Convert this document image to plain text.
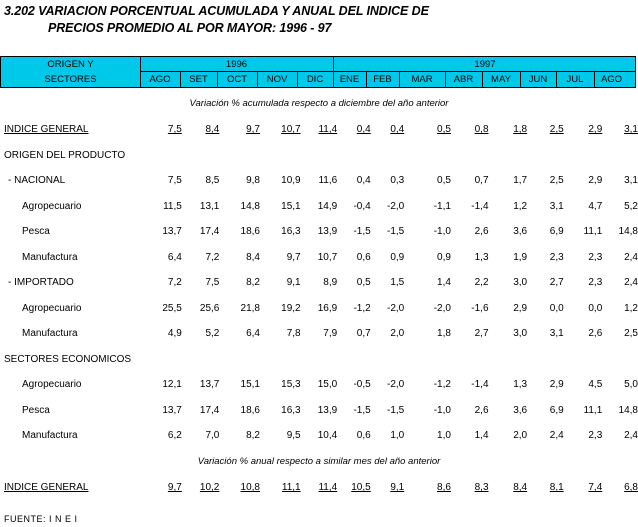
3.202 VARIACION PORCENTUAL ACUMULADA Y ANUAL DEL INDICE DE
PRECIOS PROMEDIO AL POR MAYOR: 1996 - 97
ORIGEN Y
SECTORES
1996	1997
AGO	SET	OCT	NOV	DIC	ENE	FEB	MAR	ABR	MAY	JUN	JUL	AGO
Variación % acumulada respecto a diciembre del año anterior													
INDICE GENERAL	7,5	8,4	9,7	10,7	11,4	0,4	0,4	0,5	0,8	1,8	2,5	2,9	3,1
ORIGEN DEL PRODUCTO													
- NACIONAL	7,5	8,5	9,8	10,9	11,6	0,4	0,3	0,5	0,7	1,7	2,5	2,9	3,1
Agropecuario	11,5	13,1	14,8	15,1	14,9	-0,4	-2,0	-1,1	-1,4	1,2	3,1	4,7	5,2
Pesca	13,7	17,4	18,6	16,3	13,9	-1,5	-1,5	-1,0	2,6	3,6	6,9	11,1	14,8
Manufactura	6,4	7,2	8,4	9,7	10,7	0,6	0,9	0,9	1,3	1,9	2,3	2,3	2,4
- IMPORTADO	7,2	7,5	8,2	9,1	8,9	0,5	1,5	1,4	2,2	3,0	2,7	2,3	2,4
Agropecuario	25,5	25,6	21,8	19,2	16,9	-1,2	-2,0	-2,0	-1,6	2,9	0,0	0,0	1,2
Manufactura	4,9	5,2	6,4	7,8	7,9	0,7	2,0	1,8	2,7	3,0	3,1	2,6	2,5
SECTORES ECONOMICOS													
Agropecuario	12,1	13,7	15,1	15,3	15,0	-0,5	-2,0	-1,2	-1,4	1,3	2,9	4,5	5,0
Pesca	13,7	17,4	18,6	16,3	13,9	-1,5	-1,5	-1,0	2,6	3,6	6,9	11,1	14,8
Manufactura	6,2	7,0	8,2	9,5	10,4	0,6	1,0	1,0	1,4	2,0	2,4	2,3	2,4
Variación % anual respecto a similar mes del año anterior													
INDICE GENERAL	9,7	10,2	10,8	11,1	11,4	10,5	9,1	8,6	8,3	8,4	8,1	7,4	6,8
FUENTE: I N E I
